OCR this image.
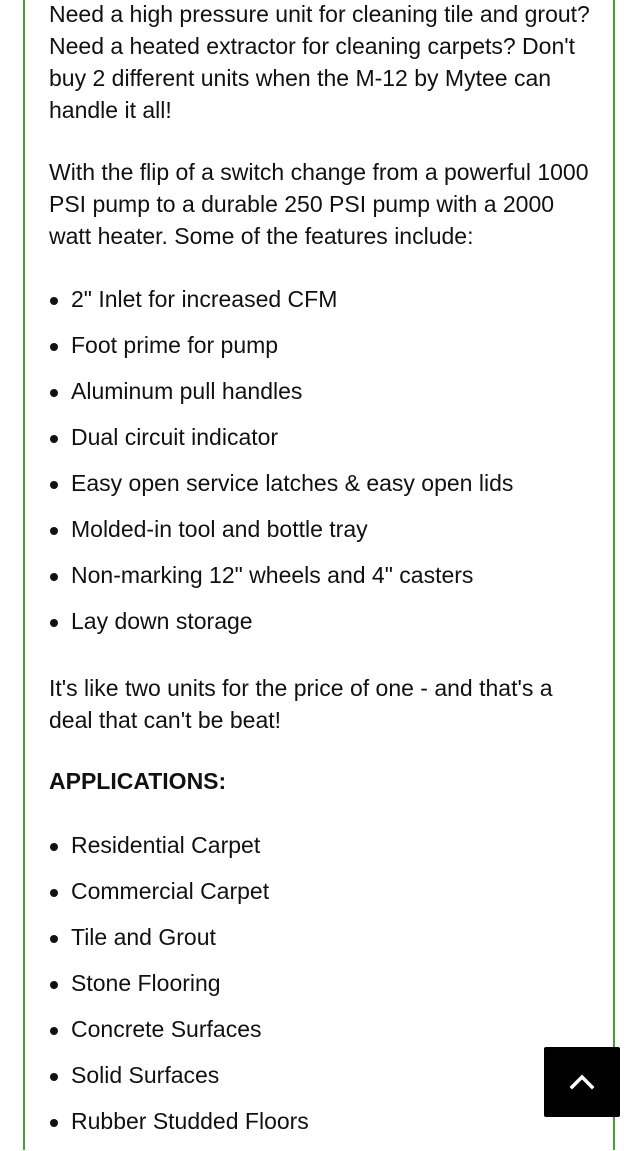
Need a high pressure unit for cleaning tile and grout? Need a heated extractor for cleaning carpets? Don't buy 2 different units when the M-12 by Mytee can handle it all!

With the flip of a switch change from a powerful 1000 PSI pump to a durable 250 PSI pump with a 2000 watt heater. Some of the features include:

2" Inlet for increased CFM
Foot prime for pump
Aluminum pull handles
Dual circuit indicator
Easy open service latches & easy open lids
Molded-in tool and bottle tray
Non-marking 12" wheels and 4" casters
Lay down storage

It's like two units for the price of one - and that's a deal that can't be beat!

APPLICATIONS:
Residential Carpet
Commercial Carpet
Tile and Grout
Stone Flooring
Concrete Surfaces
Solid Surfaces
Rubber Studded Floors
